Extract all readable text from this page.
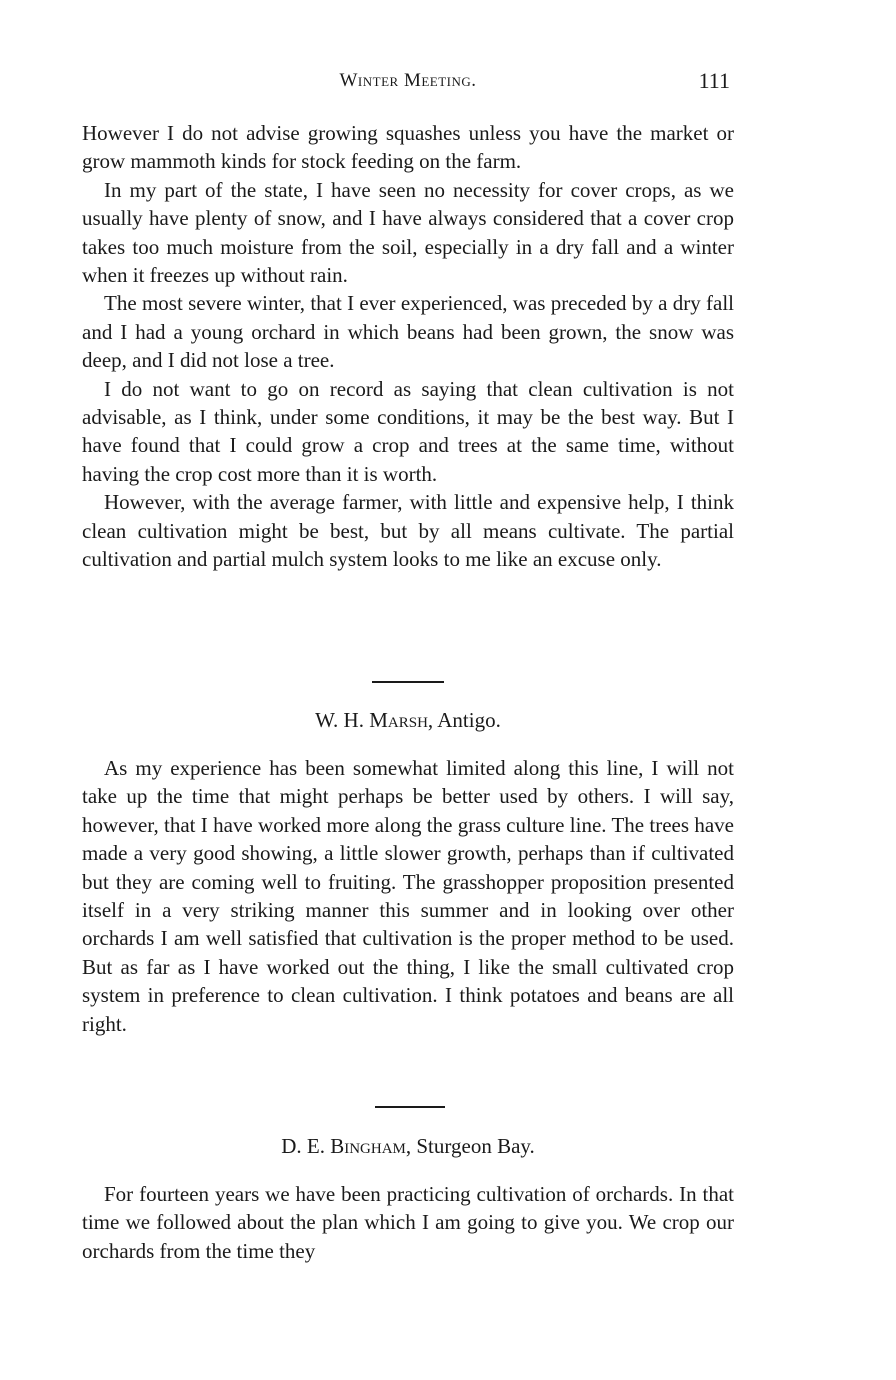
Winter Meeting.	111

However I do not advise growing squashes unless you have the market or grow mammoth kinds for stock feeding on the farm.

In my part of the state, I have seen no necessity for cover crops, as we usually have plenty of snow, and I have always considered that a cover crop takes too much moisture from the soil, especially in a dry fall and a winter when it freezes up without rain.

The most severe winter, that I ever experienced, was preceded by a dry fall and I had a young orchard in which beans had been grown, the snow was deep, and I did not lose a tree.

I do not want to go on record as saying that clean cultivation is not advisable, as I think, under some conditions, it may be the best way. But I have found that I could grow a crop and trees at the same time, without having the crop cost more than it is worth.

However, with the average farmer, with little and expensive help, I think clean cultivation might be best, but by all means cultivate. The partial cultivation and partial mulch system looks to me like an excuse only.

W. H. Marsh, Antigo.

As my experience has been somewhat limited along this line, I will not take up the time that might perhaps be better used by others. I will say, however, that I have worked more along the grass culture line. The trees have made a very good showing, a little slower growth, perhaps than if cultivated but they are coming well to fruiting. The grasshopper proposition presented itself in a very striking manner this summer and in looking over other orchards I am well satisfied that cultivation is the proper method to be used. But as far as I have worked out the thing, I like the small cultivated crop system in preference to clean cultivation. I think potatoes and beans are all right.

D. E. Bingham, Sturgeon Bay.

For fourteen years we have been practicing cultivation of orchards. In that time we followed about the plan which I am going to give you. We crop our orchards from the time they
